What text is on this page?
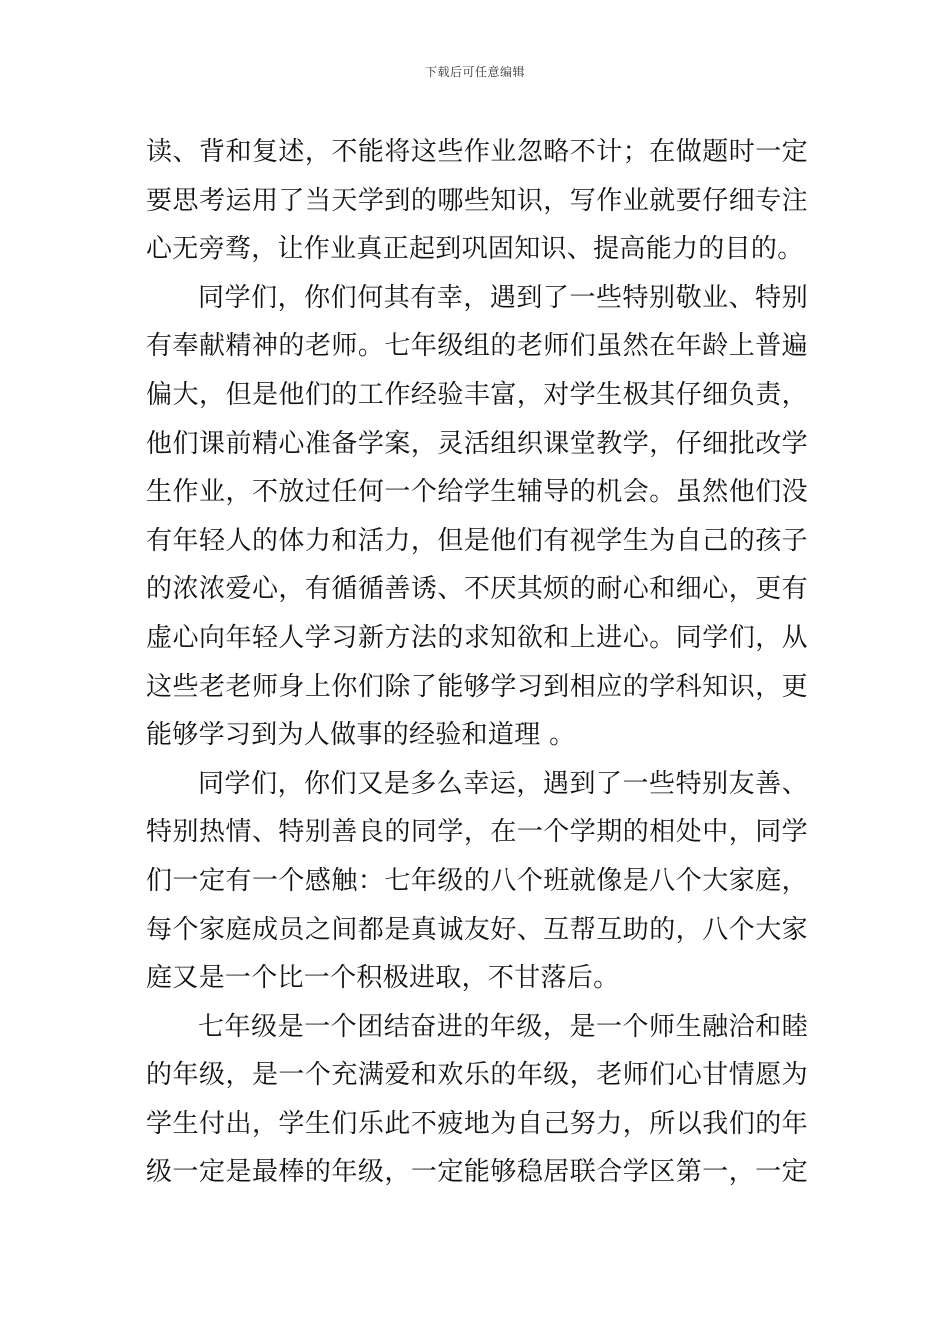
下载后可任意编辑
读、背和复述，不能将这些作业忽略不计；在做题时一定
要思考运用了当天学到的哪些知识，写作业就要仔细专注
心无旁骛，让作业真正起到巩固知识、提高能力的目的。
同学们，你们何其有幸，遇到了一些特别敬业、特别
有奉献精神的老师。七年级组的老师们虽然在年龄上普遍
偏大，但是他们的工作经验丰富，对学生极其仔细负责，
他们课前精心准备学案，灵活组织课堂教学，仔细批改学
生作业，不放过任何一个给学生辅导的机会。虽然他们没
有年轻人的体力和活力，但是他们有视学生为自己的孩子
的浓浓爱心，有循循善诱、不厌其烦的耐心和细心，更有
虚心向年轻人学习新方法的求知欲和上进心。同学们，从
这些老老师身上你们除了能够学习到相应的学科知识，更
能够学习到为人做事的经验和道理 。
同学们，你们又是多么幸运，遇到了一些特别友善、
特别热情、特别善良的同学，在一个学期的相处中，同学
们一定有一个感触：七年级的八个班就像是八个大家庭，
每个家庭成员之间都是真诚友好、互帮互助的，八个大家
庭又是一个比一个积极进取，不甘落后。
七年级是一个团结奋进的年级，是一个师生融洽和睦
的年级，是一个充满爱和欢乐的年级，老师们心甘情愿为
学生付出，学生们乐此不疲地为自己努力，所以我们的年
级一定是最棒的年级，一定能够稳居联合学区第一，一定
